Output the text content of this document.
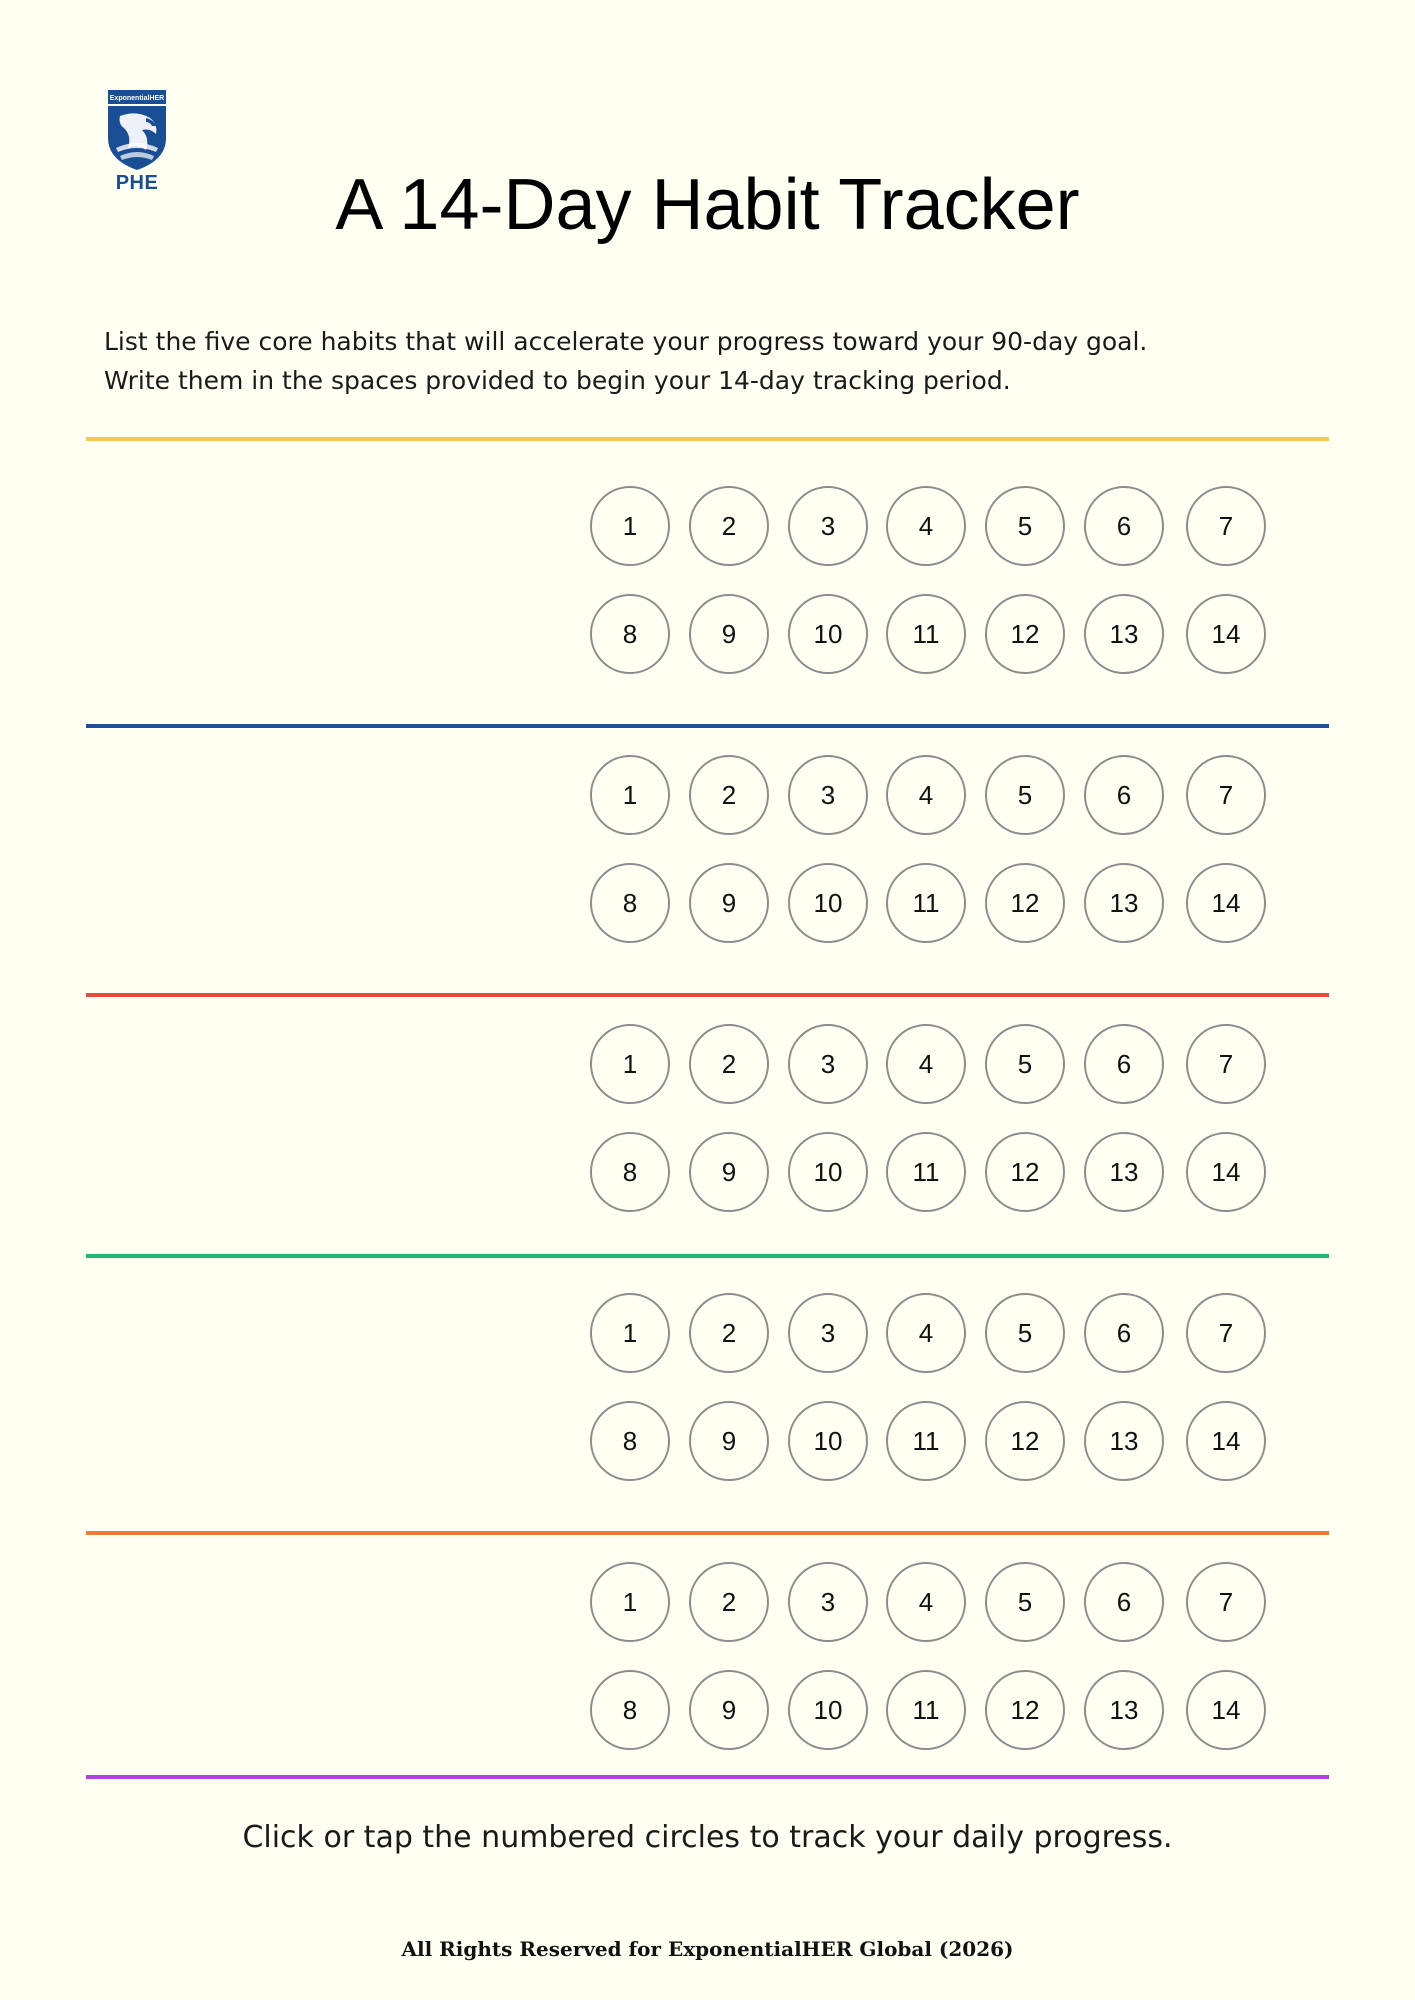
ExponentialHER
PHE	A 14-Day Habit Tracker

List the five core habits that will accelerate your progress toward your 90-day goal.

Write them in the spaces provided to begin your 14-day tracking period.

1	2	3	4	5	6	7
8	9	10	11	12	13	14
1	2	3	4	5	6	7
8	9	10	11	12	13	14
1	2	3	4	5	6	7
8	9	10	11	12	13	14
1	2	3	4	5	6	7
8	9	10	11	12	13	14
1	2	3	4	5	6	7
8	9	10	11	12	13	14
Click or tap the numbered circles to track your daily progress.
All Rights Reserved for ExponentialHER Global (2026)
